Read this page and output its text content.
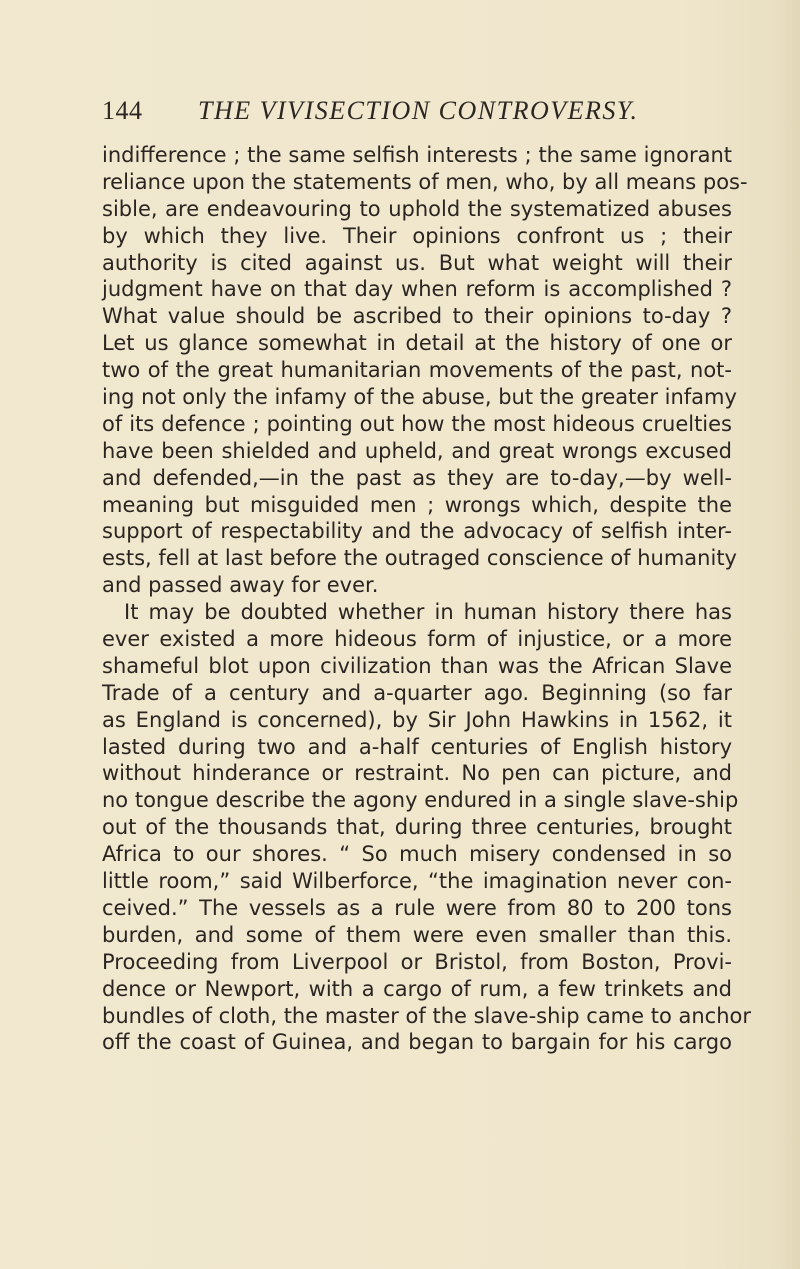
144 THE VIVISECTION CONTROVERSY.
indifference ; the same selfish interests ; the same ignorant
reliance upon the statements of men, who, by all means pos-
sible, are endeavouring to uphold the systematized abuses
by which they live. Their opinions confront us ; their
authority is cited against us. But what weight will their
judgment have on that day when reform is accomplished ?
What value should be ascribed to their opinions to-day ?
Let us glance somewhat in detail at the history of one or
two of the great humanitarian movements of the past, not-
ing not only the infamy of the abuse, but the greater infamy
of its defence ; pointing out how the most hideous cruelties
have been shielded and upheld, and great wrongs excused
and defended,—in the past as they are to-day,—by well-
meaning but misguided men ; wrongs which, despite the
support of respectability and the advocacy of selfish inter-
ests, fell at last before the outraged conscience of humanity
and passed away for ever.
It may be doubted whether in human history there has
ever existed a more hideous form of injustice, or a more
shameful blot upon civilization than was the African Slave
Trade of a century and a-quarter ago. Beginning (so far
as England is concerned), by Sir John Hawkins in 1562, it
lasted during two and a-half centuries of English history
without hinderance or restraint. No pen can picture, and
no tongue describe the agony endured in a single slave-ship
out of the thousands that, during three centuries, brought
Africa to our shores. “ So much misery condensed in so
little room,” said Wilberforce, “the imagination never con-
ceived.” The vessels as a rule were from 80 to 200 tons
burden, and some of them were even smaller than this.
Proceeding from Liverpool or Bristol, from Boston, Provi-
dence or Newport, with a cargo of rum, a few trinkets and
bundles of cloth, the master of the slave-ship came to anchor
off the coast of Guinea, and began to bargain for his cargo
